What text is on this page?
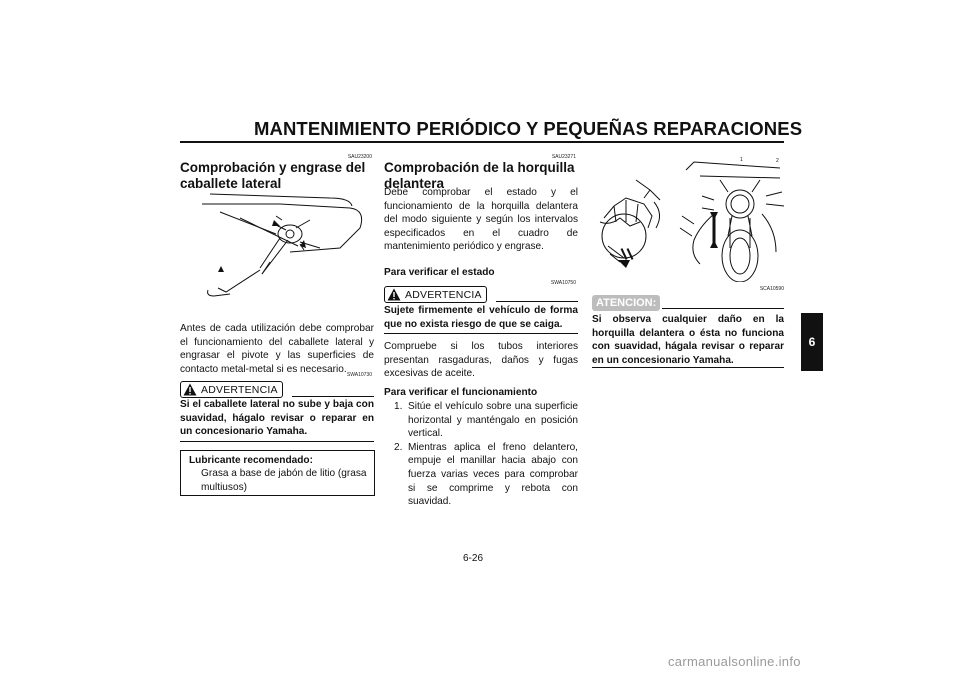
MANTENIMIENTO PERIÓDICO Y PEQUEÑAS REPARACIONES
6
SAU23200
Comprobación y engrase del
caballete lateral
Antes de cada utilización debe comprobar el funcionamiento del caballete lateral y engrasar el pivote y las superficies de contacto metal-metal si es necesario.
SWA10730
ADVERTENCIA
Si el caballete lateral no sube y baja con suavidad, hágalo revisar o reparar en un concesionario Yamaha.
Lubricante recomendado:
Grasa a base de jabón de litio (grasa multiusos)
SAU23271
Comprobación de la horquilla
delantera
Debe comprobar el estado y el funcionamiento de la horquilla delantera del modo siguiente y según los intervalos especificados en el cuadro de mantenimiento periódico y engrase.
Para verificar el estado
SWA10750
ADVERTENCIA
Sujete firmemente el vehículo de forma que no exista riesgo de que se caiga.
Compruebe si los tubos interiores presentan rasgaduras, daños y fugas excesivas de aceite.
Para verificar el funcionamiento
1. Sitúe el vehículo sobre una superficie horizontal y manténgalo en posición vertical.
2. Mientras aplica el freno delantero, empuje el manillar hacia abajo con fuerza varias veces para comprobar si se comprime y rebota con suavidad.
1	2
SCA10590
ATENCION:
Si observa cualquier daño en la horquilla delantera o ésta no funciona con suavidad, hágala revisar o reparar en un concesionario Yamaha.
6-26
carmanualsonline.info
